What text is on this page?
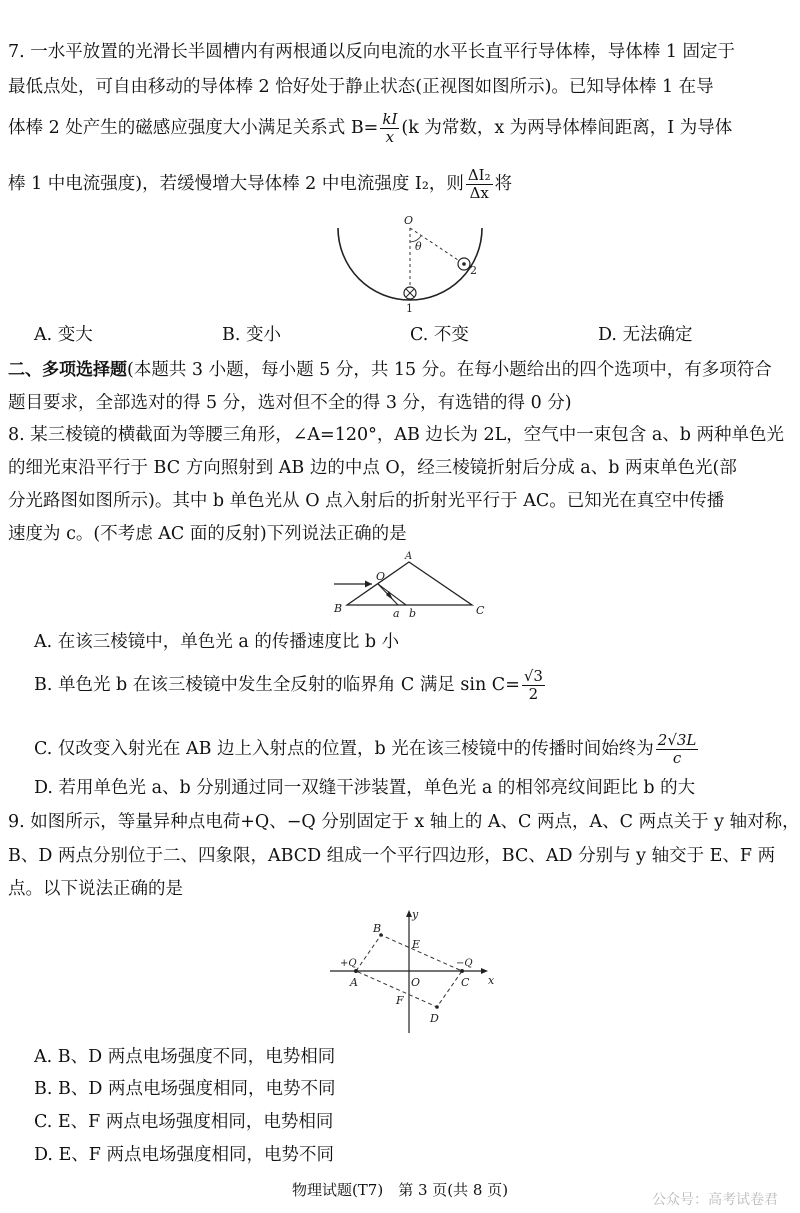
7. 一水平放置的光滑长半圆槽内有两根通以反向电流的水平长直平行导体棒，导体棒 1 固定于
最低点处，可自由移动的导体棒 2 恰好处于静止状态(正视图如图所示)。已知导体棒 1 在导
体棒 2 处产生的磁感应强度大小满足关系式 $B= \frac{kI}{x} (k$ 为常数，x 为两导体棒间距离，I 为导体
棒 1 中电流强度)，若缓慢增大导体棒 2 中电流强度 I₂，则 $\frac{\text{ΔI₂}}{\Delta x}$ 将
O
θ
1
2
A. 变大	B. 变小	C. 不变	D. 无法确定
二、多项选择题(本题共 3 小题，每小题 5 分，共 15 分。在每小题给出的四个选项中，有多项符合
题目要求，全部选对的得 5 分，选对但不全的得 3 分，有选错的得 0 分)
8. 某三棱镜的横截面为等腰三角形，∠A=120°，AB 边长为 2L，空气中一束包含 a、b 两种单色光
的细光束沿平行于 BC 方向照射到 AB 边的中点 O，经三棱镜折射后分成 a、b 两束单色光(部
分光路图如图所示)。其中 b 单色光从 O 点入射后的折射光平行于 AC。已知光在真空中传播
速度为 c。(不考虑 AC 面的反射)下列说法正确的是
A
B	C
O
a b
A. 在该三棱镜中，单色光 a 的传播速度比 b 小
B. 单色光 b 在该三棱镜中发生全反射的临界角 C 满足 $\sin C= \frac{√3}{2}$
C. 仅改变入射光在 AB 边上入射点的位置，b 光在该三棱镜中的传播时间始终为 $\frac{2√3L}{c}$
D. 若用单色光 a、b 分别通过同一双缝干涉装置，单色光 a 的相邻亮纹间距比 b 的大
9. 如图所示，等量异种点电荷+Q、−Q 分别固定于 x 轴上的 A、C 两点，A、C 两点关于 y 轴对称，
B、D 两点分别位于二、四象限，ABCD 组成一个平行四边形，BC、AD 分别与 y 轴交于 E、F 两
点。以下说法正确的是
y
x
B
E
+Q	−Q
A	O	C
F
D
A. B、D 两点电场强度不同，电势相同
B. B、D 两点电场强度相同，电势不同
C. E、F 两点电场强度相同，电势相同
D. E、F 两点电场强度相同，电势不同
物理试题(T7)　第 3 页(共 8 页)
公众号：高考试卷君
